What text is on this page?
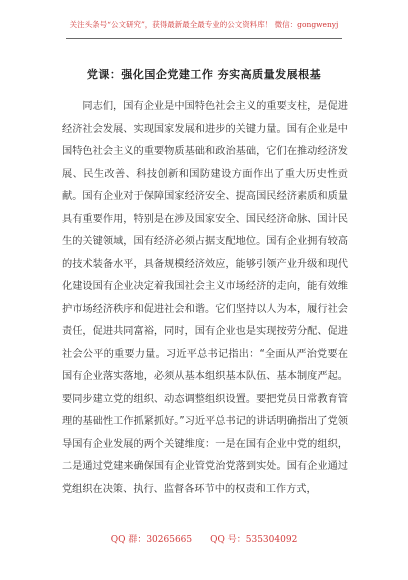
关注头条号“公文研究”，获得最新最全最专业的公文资料库！ 微信：gongwenyj
党课：强化国企党建工作 夯实高质量发展根基

同志们，国有企业是中国特色社会主义的重要支柱，是促进经济社会发展、实现国家发展和进步的关键力量。国有企业是中国特色社会主义的重要物质基础和政治基础，它们在推动经济发展、民生改善、科技创新和国防建设方面作出了重大历史性贡献。国有企业对于保障国家经济安全、提高国民经济素质和质量具有重要作用，特别是在涉及国家安全、国民经济命脉、国计民生的关键领域，国有经济必须占据支配地位。国有企业拥有较高的技术装备水平，具备规模经济效应，能够引领产业升级和现代化建设国有企业决定着我国社会主义市场经济的走向，能有效维护市场经济秩序和促进社会和谐。它们坚持以人为本，履行社会责任，促进共同富裕，同时，国有企业也是实现按劳分配、促进社会公平的重要力量。习近平总书记指出：“全面从严治党要在国有企业落实落地，必须从基本组织基本队伍、基本制度严起。要同步建立党的组织、动态调整组织设置。要把党员日常教育管理的基础性工作抓紧抓好。”习近平总书记的讲话明确指出了党领导国有企业发展的两个关键维度：一是在国有企业中党的组织，二是通过党建来确保国有企业管党治党落到实处。国有企业通过党组织在决策、执行、监督各环节中的权责和工作方式，

QQ 群：30265665 QQ 号：535304092
